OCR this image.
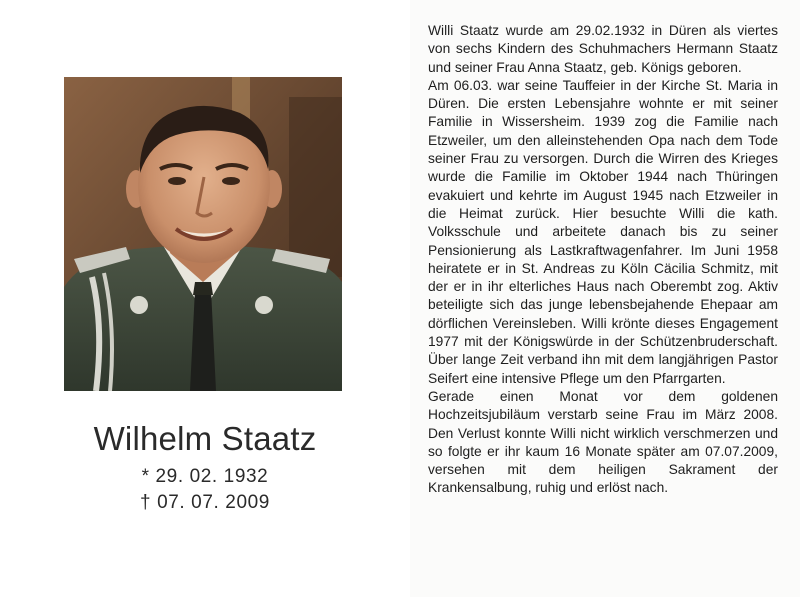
Wilhelm Staatz
* 29. 02. 1932
† 07. 07. 2009

Willi Staatz wurde am 29.02.1932 in Düren als viertes von sechs Kindern des Schuhmachers Hermann Staatz und seiner Frau Anna Staatz, geb. Königs geboren.

Am 06.03. war seine Tauffeier in der Kirche St. Maria in Düren. Die ersten Lebensjahre wohnte er mit seiner Familie in Wissersheim. 1939 zog die Familie nach Etzweiler, um den alleinstehenden Opa nach dem Tode seiner Frau zu versorgen. Durch die Wirren des Krieges wurde die Familie im Oktober 1944 nach Thüringen evakuiert und kehrte im August 1945 nach Etzweiler in die Heimat zurück. Hier besuchte Willi die kath. Volksschule und arbeitete danach bis zu seiner Pensionierung als Lastkraftwagenfahrer. Im Juni 1958 heiratete er in St. Andreas zu Köln Cäcilia Schmitz, mit der er in ihr elterliches Haus nach Oberembt zog. Aktiv beteiligte sich das junge lebensbejahende Ehepaar am dörflichen Vereinsleben. Willi krönte dieses Engagement 1977 mit der Königswürde in der Schützenbruderschaft. Über lange Zeit verband ihn mit dem langjährigen Pastor Seifert eine intensive Pflege um den Pfarrgarten.

Gerade einen Monat vor dem goldenen Hochzeitsjubiläum verstarb seine Frau im März 2008. Den Verlust konnte Willi nicht wirklich verschmerzen und so folgte er ihr kaum 16 Monate später am 07.07.2009, versehen mit dem heiligen Sakrament der Krankensalbung, ruhig und erlöst nach.
